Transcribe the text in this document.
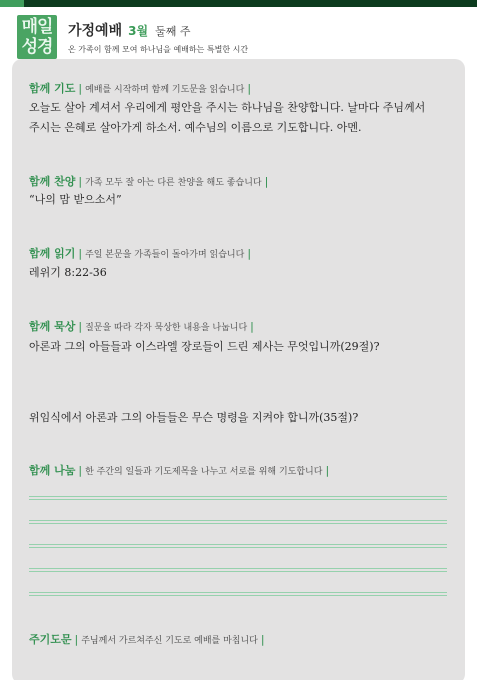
매일
성경
가정예배 3월 둘째 주
온 가족이 함께 모여 하나님을 예배하는 특별한 시간
함께 기도 | 예배를 시작하며 함께 기도문을 읽습니다 |
오늘도 살아 계셔서 우리에게 평안을 주시는 하나님을 찬양합니다. 날마다 주님께서
주시는 은혜로 살아가게 하소서. 예수님의 이름으로 기도합니다. 아멘.
함께 찬양 | 가족 모두 잘 아는 다른 찬양을 해도 좋습니다 |
“나의 맘 받으소서”
함께 읽기 | 주일 본문을 가족들이 돌아가며 읽습니다 |
레위기 8:22-36
함께 묵상 | 질문을 따라 각자 묵상한 내용을 나눕니다 |
아론과 그의 아들들과 이스라엘 장로들이 드린 제사는 무엇입니까(29절)?
위임식에서 아론과 그의 아들들은 무슨 명령을 지켜야 합니까(35절)?
함께 나눔 | 한 주간의 일들과 기도제목을 나누고 서로를 위해 기도합니다 |
주기도문 | 주님께서 가르쳐주신 기도로 예배를 마칩니다 |
